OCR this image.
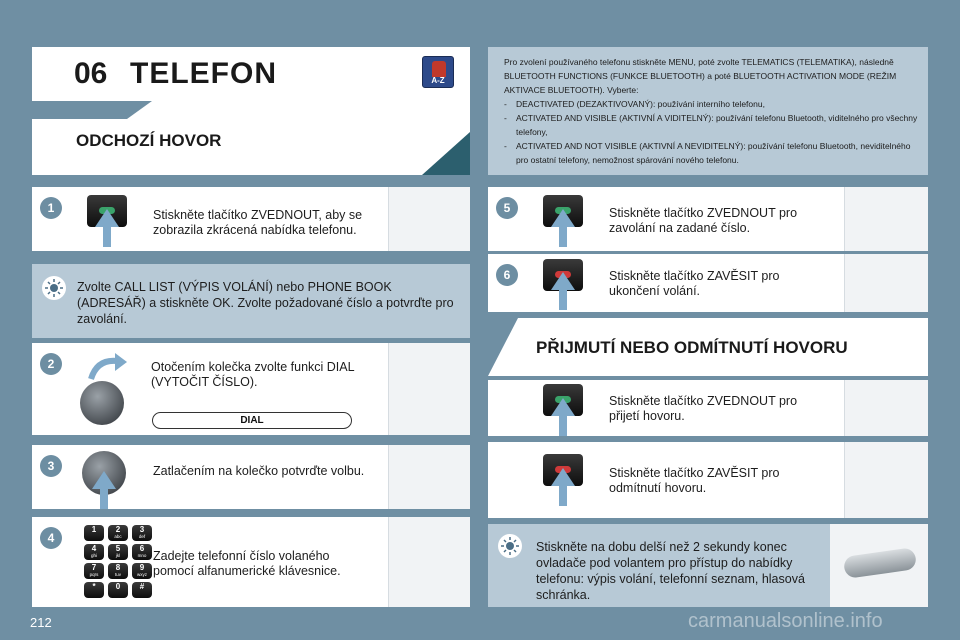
06 TELEFON	A-Z
ODCHOZÍ HOVOR
1	Stiskněte tlačítko ZVEDNOUT, aby se zobrazila zkrácená nabídka telefonu.
Zvolte CALL LIST (VÝPIS VOLÁNÍ) nebo PHONE BOOK (ADRESÁŘ) a stiskněte OK. Zvolte požadované číslo a potvrďte pro zavolání.
2	Otočením kolečka zvolte funkci DIAL (VYTOČIT ČÍSLO).
DIAL
3	Zatlačením na kolečko potvrďte volbu.
4
1	2
abc
3
def
4
ghi
5
jkl
6
mno
7
pqrs
8
tuv
9
wxyz
*	0	#
Zadejte telefonní číslo volaného pomocí alfanumerické klávesnice.
212
Pro zvolení používaného telefonu stiskněte MENU, poté zvolte TELEMATICS (TELEMATIKA), následně BLUETOOTH FUNCTIONS (FUNKCE BLUETOOTH) a poté BLUETOOTH ACTIVATION MODE (REŽIM AKTIVACE BLUETOOTH). Vyberte:
- DEACTIVATED (DEZAKTIVOVANÝ): používání interního telefonu,
- ACTIVATED AND VISIBLE (AKTIVNÍ A VIDITELNÝ): používání telefonu Bluetooth, viditelného pro všechny telefony,
- ACTIVATED AND NOT VISIBLE (AKTIVNÍ A NEVIDITELNÝ): používání telefonu Bluetooth, neviditelného pro ostatní telefony, nemožnost spárování nového telefonu.
5	Stiskněte tlačítko ZVEDNOUT pro zavolání na zadané číslo.
6	Stiskněte tlačítko ZAVĚSIT pro ukončení volání.
PŘIJMUTÍ NEBO ODMÍTNUTÍ HOVORU
Stiskněte tlačítko ZVEDNOUT pro přijetí hovoru.
Stiskněte tlačítko ZAVĚSIT pro odmítnutí hovoru.
Stiskněte na dobu delší než 2 sekundy konec ovladače pod volantem pro přístup do nabídky telefonu: výpis volání, telefonní seznam, hlasová schránka.
carmanualsonline.info
